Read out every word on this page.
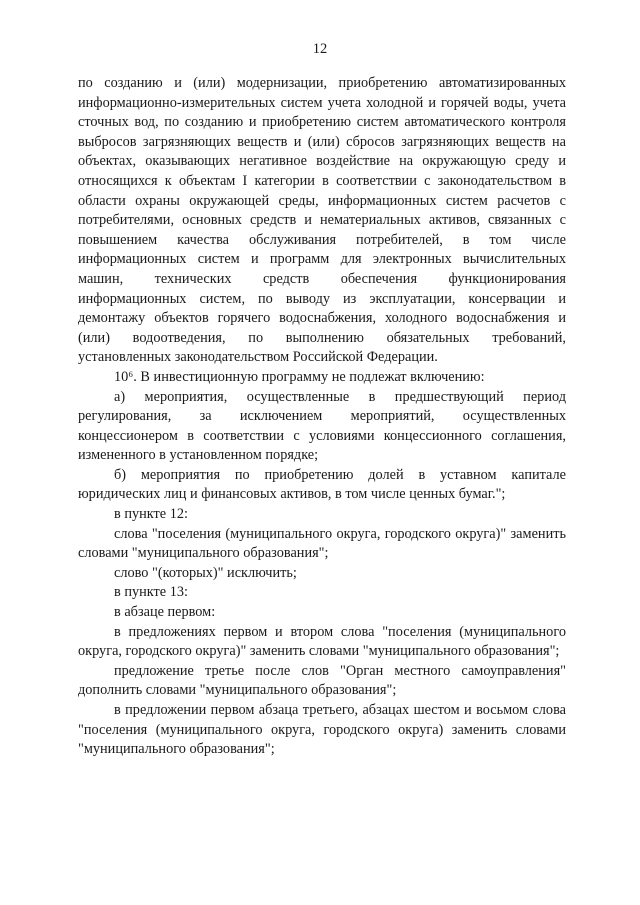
12

по созданию и (или) модернизации, приобретению автоматизированных информационно-измерительных систем учета холодной и горячей воды, учета сточных вод, по созданию и приобретению систем автоматического контроля выбросов загрязняющих веществ и (или) сбросов загрязняющих веществ на объектах, оказывающих негативное воздействие на окружающую среду и относящихся к объектам I категории в соответствии с законодательством в области охраны окружающей среды, информационных систем расчетов с потребителями, основных средств и нематериальных активов, связанных с повышением качества обслуживания потребителей, в том числе информационных систем и программ для электронных вычислительных машин, технических средств обеспечения функционирования информационных систем, по выводу из эксплуатации, консервации и демонтажу объектов горячего водоснабжения, холодного водоснабжения и (или) водоотведения, по выполнению обязательных требований, установленных законодательством Российской Федерации.

10⁶. В инвестиционную программу не подлежат включению:

а) мероприятия, осуществленные в предшествующий период регулирования, за исключением мероприятий, осуществленных концессионером в соответствии с условиями концессионного соглашения, измененного в установленном порядке;

б) мероприятия по приобретению долей в уставном капитале юридических лиц и финансовых активов, в том числе ценных бумаг.";

в пункте 12:

слова "поселения (муниципального округа, городского округа)" заменить словами "муниципального образования";

слово "(которых)" исключить;

в пункте 13:

в абзаце первом:

в предложениях первом и втором слова "поселения (муниципального округа, городского округа)" заменить словами "муниципального образования";

предложение третье после слов "Орган местного самоуправления" дополнить словами "муниципального образования";

в предложении первом абзаца третьего, абзацах шестом и восьмом слова "поселения (муниципального округа, городского округа) заменить словами "муниципального образования";
